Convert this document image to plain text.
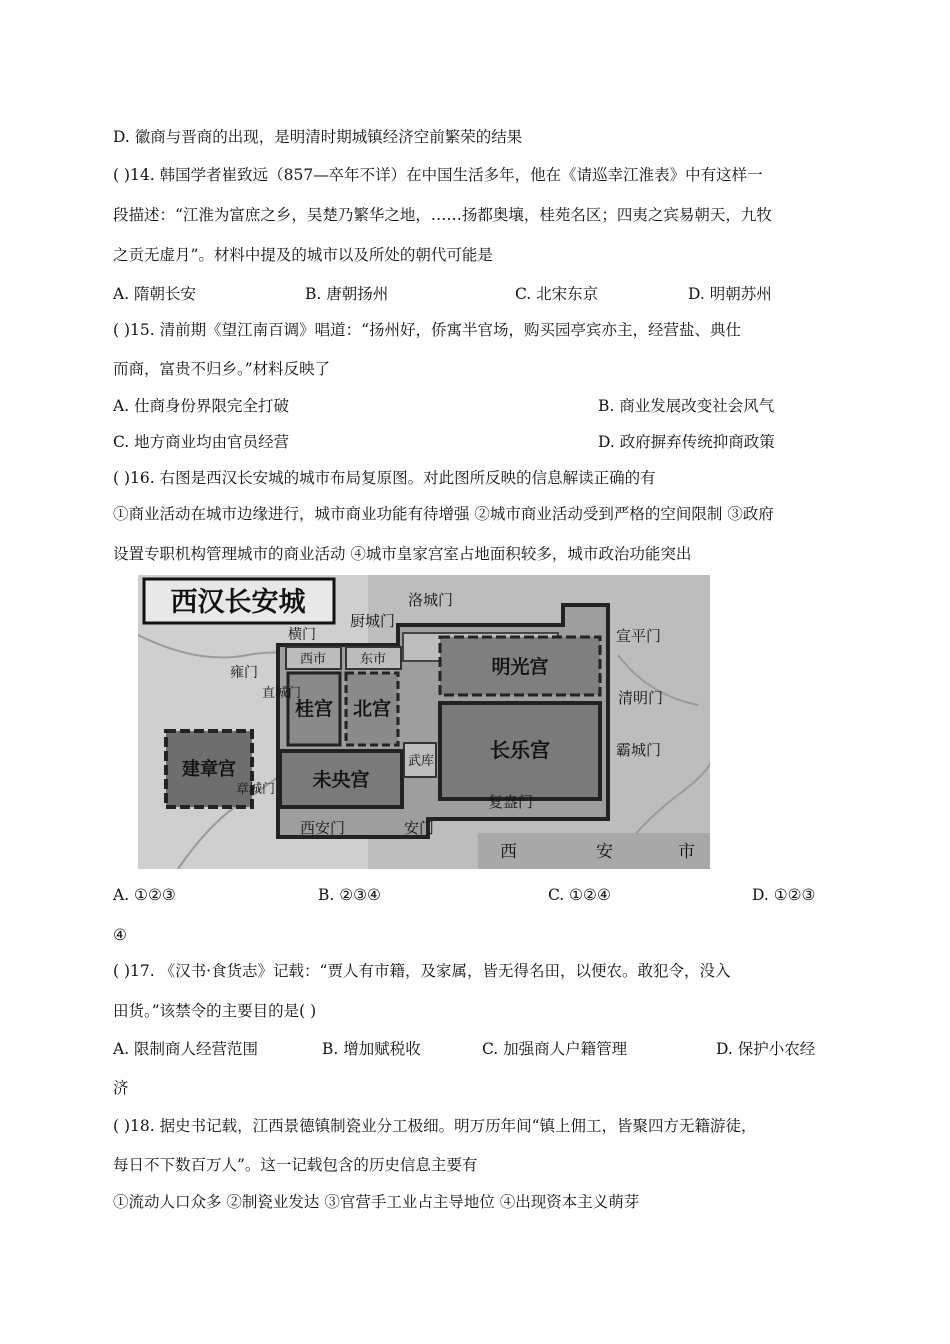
D. 徽商与晋商的出现，是明清时期城镇经济空前繁荣的结果
( )14. 韩国学者崔致远（857—卒年不详）在中国生活多年，他在《请巡幸江淮表》中有这样一
段描述：“江淮为富庶之乡，吴楚乃繁华之地，……扬都奥壤，桂苑名区；四夷之宾易朝天，九牧
之贡无虚月”。材料中提及的城市以及所处的朝代可能是
A. 隋朝长安	B. 唐朝扬州	C. 北宋东京	D. 明朝苏州
( )15. 清前期《望江南百调》唱道：“扬州好，侨寓半官场，购买园亭宾亦主，经营盐、典仕
而商，富贵不归乡。”材料反映了
A. 仕商身份界限完全打破	B. 商业发展改变社会风气
C. 地方商业均由官员经营	D. 政府摒弃传统抑商政策
( )16. 右图是西汉长安城的城市布局复原图。对此图所反映的信息解读正确的有
①商业活动在城市边缘进行，城市商业功能有待增强 ②城市商业活动受到严格的空间限制 ③政府
设置专职机构管理城市的商业活动 ④城市皇家宫室占地面积较多，城市政治功能突出
西汉长安城	洛城门
厨城门
横门	宣平门
雍门
西市	东市	明光宫
清明门
直城门
桂宫 北宫
长乐宫	霸城门
建章宫	未央宫
武库
章城门
复盎门
西安门	安门
西	安	市
A. ①②③	B. ②③④	C. ①②④	D. ①②③
④
( )17. 《汉书·食货志》记载：“贾人有市籍，及家属，皆无得名田，以便农。敢犯令，没入
田货。”该禁令的主要目的是( )
A. 限制商人经营范围	B. 增加赋税收	C. 加强商人户籍管理	D. 保护小农经
济
( )18. 据史书记载，江西景德镇制瓷业分工极细。明万历年间“镇上佣工，皆聚四方无籍游徒，
每日不下数百万人”。这一记载包含的历史信息主要有
①流动人口众多 ②制瓷业发达 ③官营手工业占主导地位 ④出现资本主义萌芽
